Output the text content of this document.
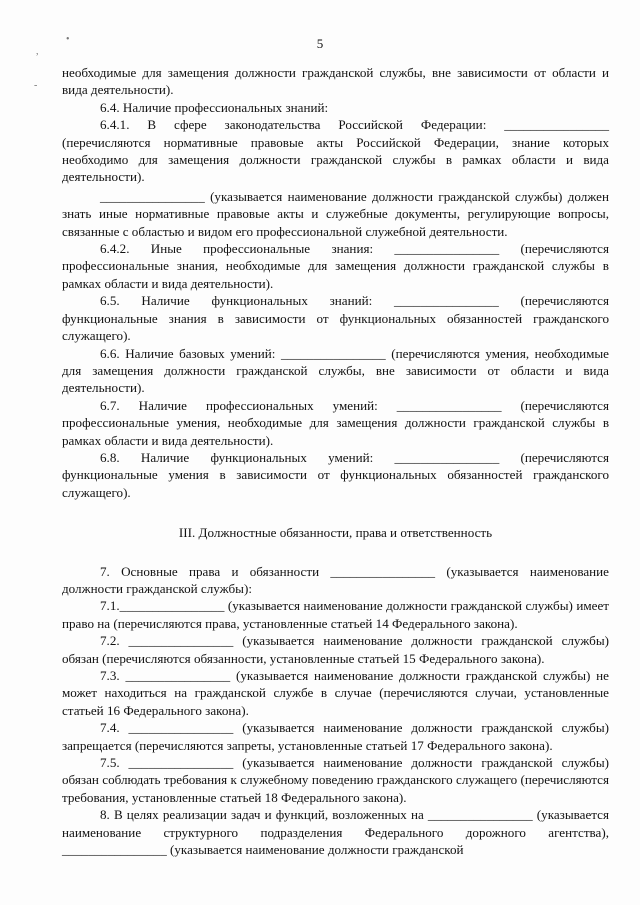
•
,
-
5

необходимые для замещения должности гражданской службы, вне зависимости от области и вида деятельности).

6.4. Наличие профессиональных знаний:

6.4.1. В сфере законодательства Российской Федерации: ________________ (перечисляются нормативные правовые акты Российской Федерации, знание которых необходимо для замещения должности гражданской службы в рамках области и вида деятельности).

________________ (указывается наименование должности гражданской службы) должен знать иные нормативные правовые акты и служебные документы, регулирующие вопросы, связанные с областью и видом его профессиональной служебной деятельности.

6.4.2. Иные профессиональные знания: ________________ (перечисляются профессиональные знания, необходимые для замещения должности гражданской службы в рамках области и вида деятельности).

6.5. Наличие функциональных знаний: ________________ (перечисляются функциональные знания в зависимости от функциональных обязанностей гражданского служащего).

6.6. Наличие базовых умений: ________________ (перечисляются умения, необходимые для замещения должности гражданской службы, вне зависимости от области и вида деятельности).

6.7. Наличие профессиональных умений: ________________ (перечисляются профессиональные умения, необходимые для замещения должности гражданской службы в рамках области и вида деятельности).

6.8. Наличие функциональных умений: ________________ (перечисляются функциональные умения в зависимости от функциональных обязанностей гражданского служащего).

III. Должностные обязанности, права и ответственность

7. Основные права и обязанности ________________ (указывается наименование должности гражданской службы):

7.1.________________ (указывается наименование должности гражданской службы) имеет право на (перечисляются права, установленные статьей 14 Федерального закона).

7.2. ________________ (указывается наименование должности гражданской службы) обязан (перечисляются обязанности, установленные статьей 15 Федерального закона).

7.3. ________________ (указывается наименование должности гражданской службы) не может находиться на гражданской службе в случае (перечисляются случаи, установленные статьей 16 Федерального закона).

7.4. ________________ (указывается наименование должности гражданской службы) запрещается (перечисляются запреты, установленные статьей 17 Федерального закона).

7.5. ________________ (указывается наименование должности гражданской службы) обязан соблюдать требования к служебному поведению гражданского служащего (перечисляются требования, установленные статьей 18 Федерального закона).

8. В целях реализации задач и функций, возложенных на ________________ (указывается наименование структурного подразделения Федерального дорожного агентства), ________________ (указывается наименование должности гражданской
